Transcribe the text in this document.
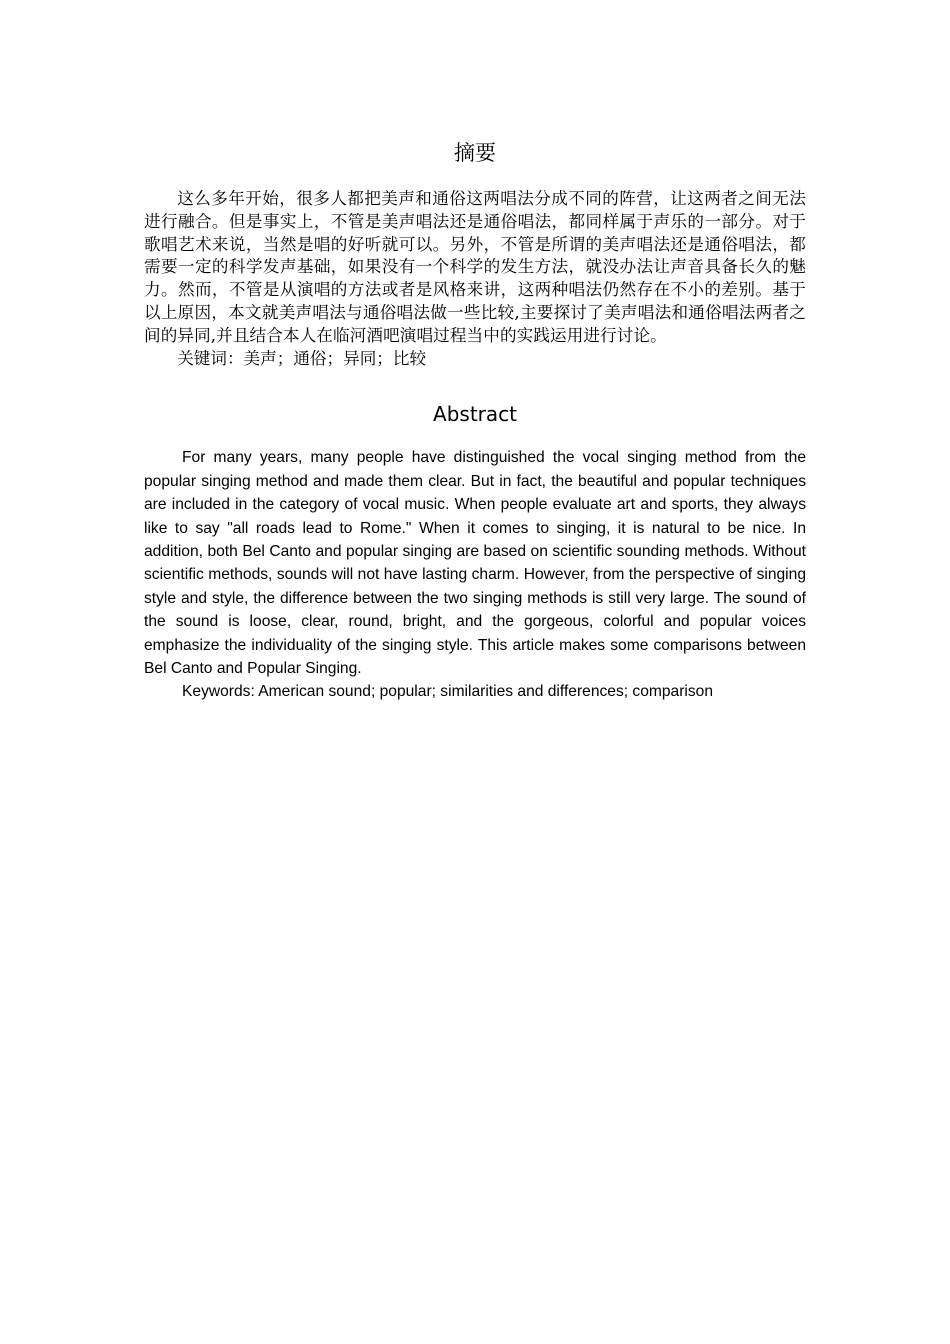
摘要

这么多年开始，很多人都把美声和通俗这两唱法分成不同的阵营，让这两者之间无法进行融合。但是事实上，不管是美声唱法还是通俗唱法，都同样属于声乐的一部分。对于歌唱艺术来说，当然是唱的好听就可以。另外，不管是所谓的美声唱法还是通俗唱法，都需要一定的科学发声基础，如果没有一个科学的发生方法，就没办法让声音具备长久的魅力。然而，不管是从演唱的方法或者是风格来讲，这两种唱法仍然存在不小的差别。基于以上原因，本文就美声唱法与通俗唱法做一些比较,主要探讨了美声唱法和通俗唱法两者之间的异同,并且结合本人在临河酒吧演唱过程当中的实践运用进行讨论。

关键词：美声；通俗；异同；比较

Abstract

For many years, many people have distinguished the vocal singing method from the popular singing method and made them clear. But in fact, the beautiful and popular techniques are included in the category of vocal music. When people evaluate art and sports, they always like to say "all roads lead to Rome." When it comes to singing, it is natural to be nice. In addition, both Bel Canto and popular singing are based on scientific sounding methods. Without scientific methods, sounds will not have lasting charm. However, from the perspective of singing style and style, the difference between the two singing methods is still very large. The sound of the sound is loose, clear, round, bright, and the gorgeous, colorful and popular voices emphasize the individuality of the singing style. This article makes some comparisons between Bel Canto and Popular Singing.

Keywords: American sound; popular; similarities and differences; comparison
